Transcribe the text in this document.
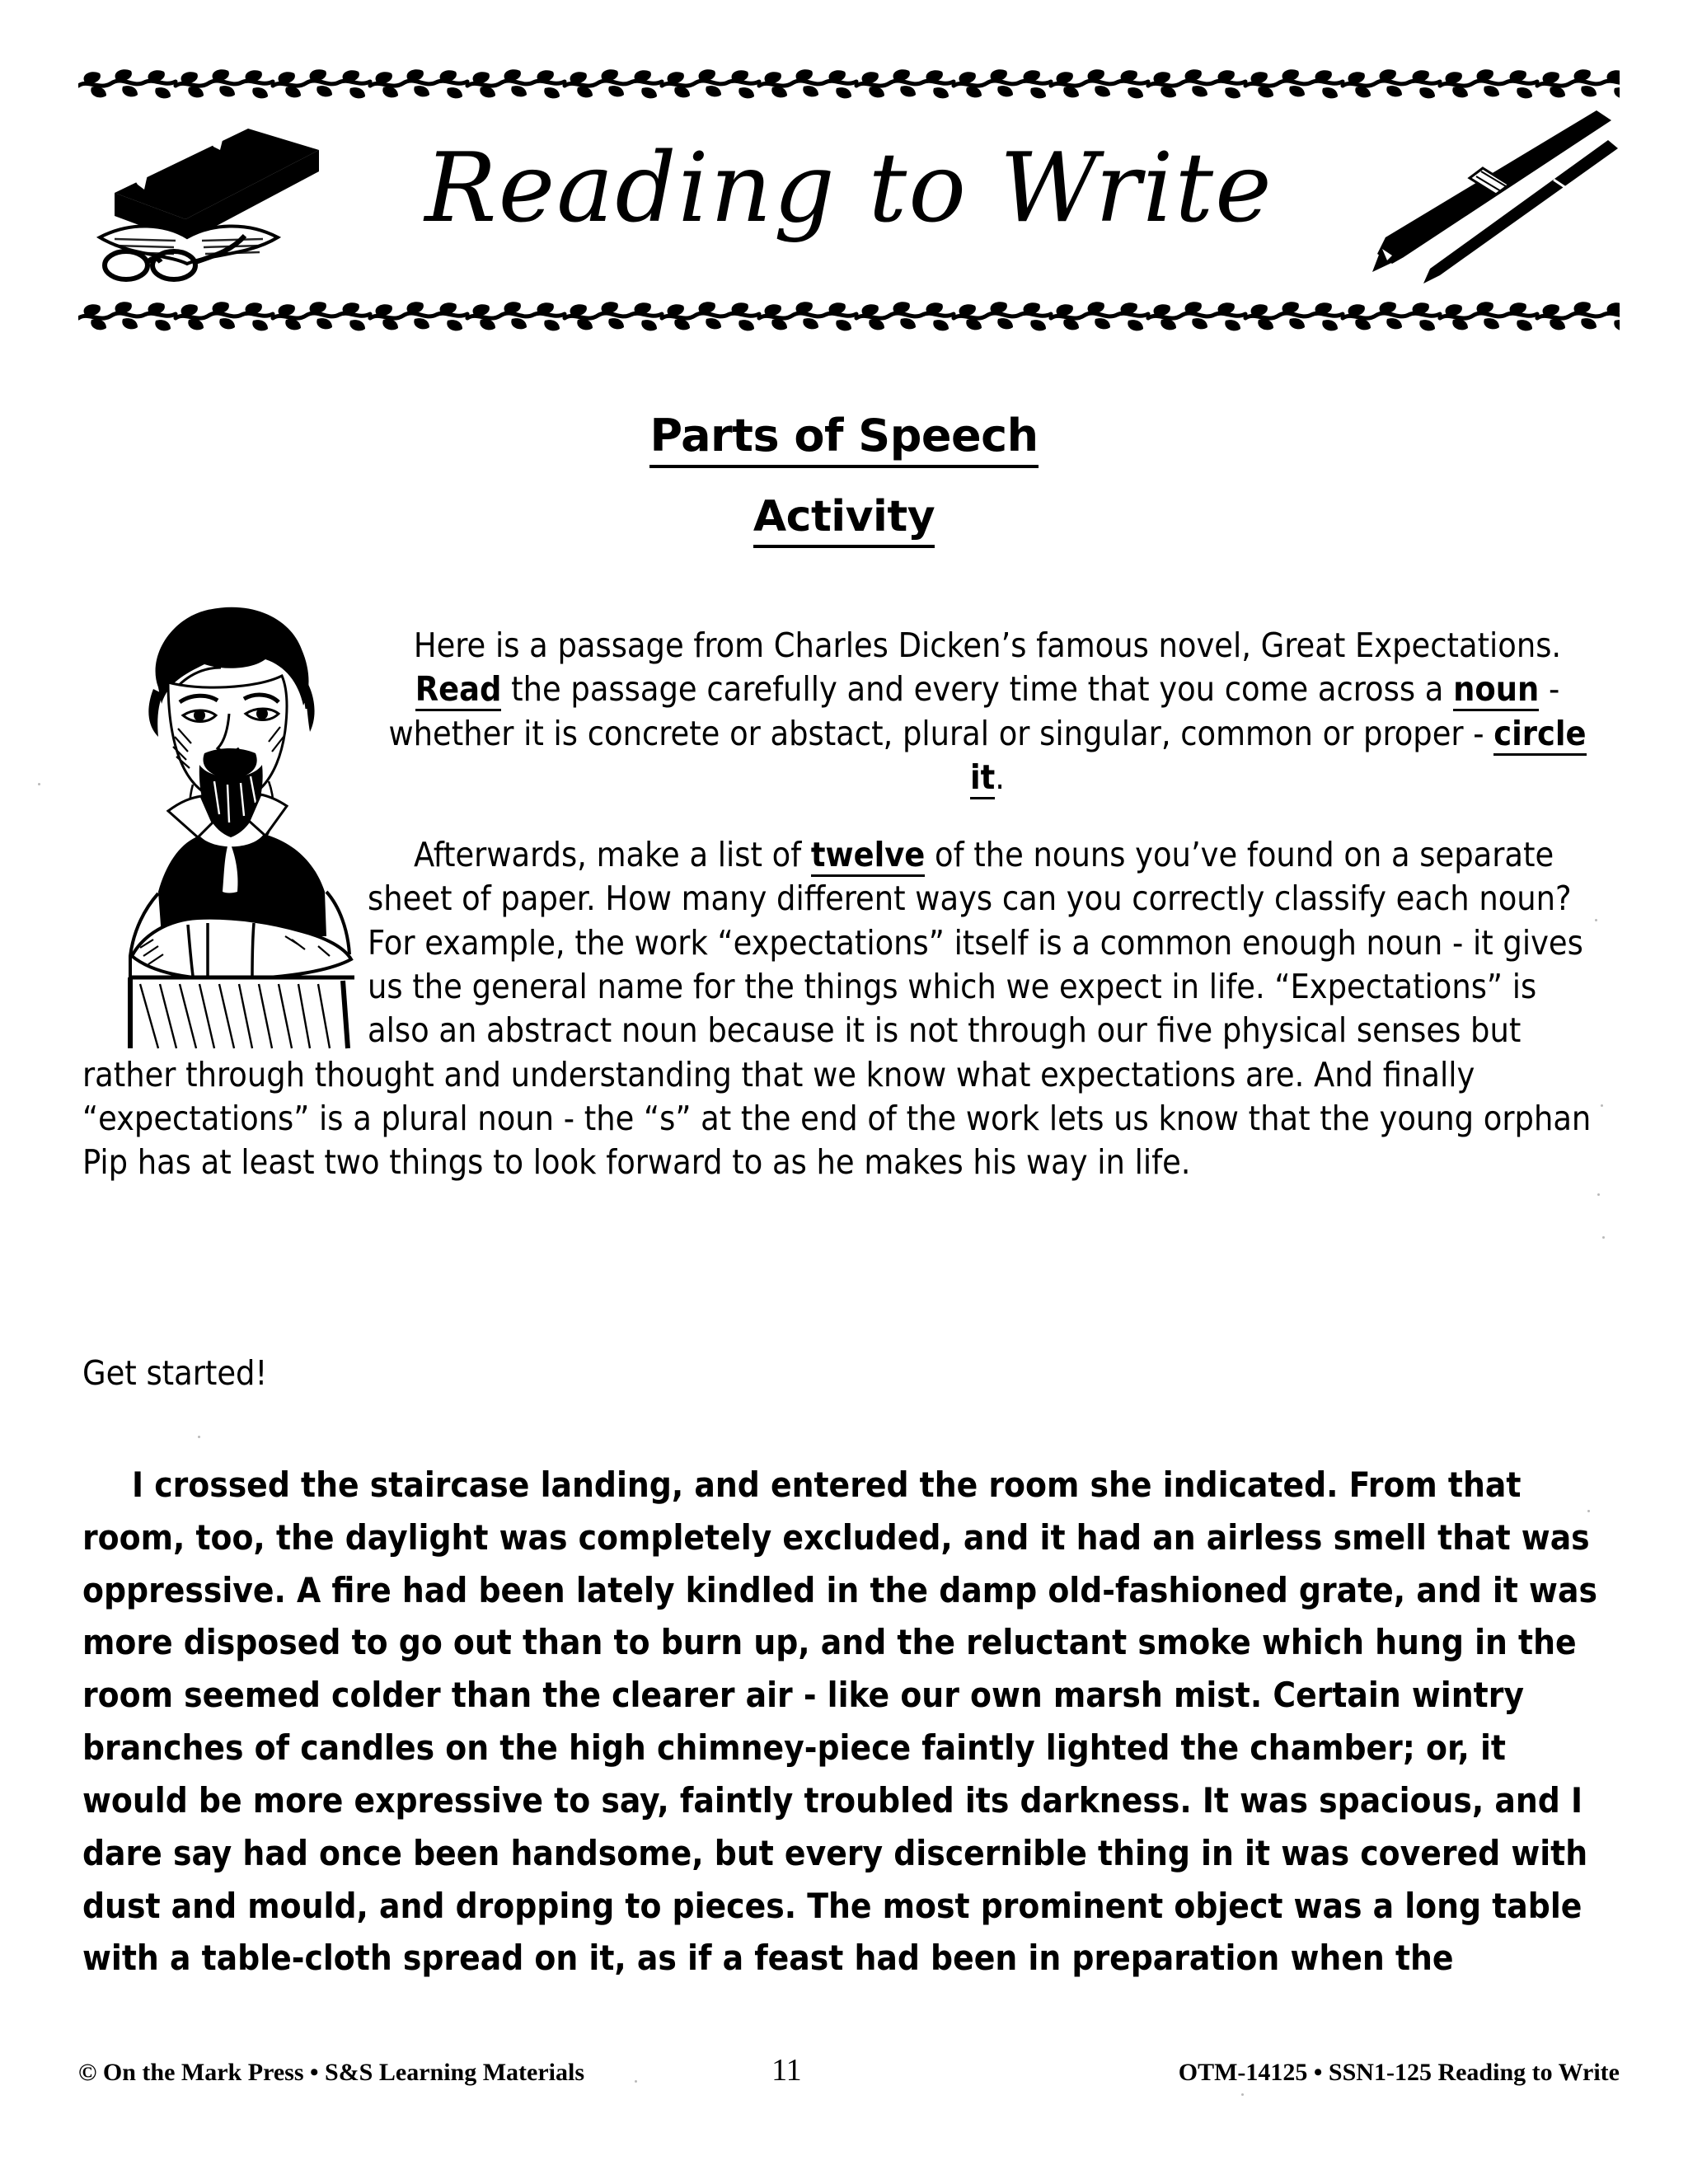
Reading to Write
Parts of Speech
Activity

Here is a passage from Charles Dicken’s famous novel, Great Expectations. Read the passage carefully and every time that you come across a noun - whether it is concrete or abstact, plural or singular, common or proper - circle it.

Afterwards, make a list of twelve of the nouns you’ve found on a separate sheet of paper. How many different ways can you correctly classify each noun? For example, the work “expectations” itself is a common enough noun - it gives us the general name for the things which we expect in life. “Expectations” is also an abstract noun because it is not through our five physical senses but rather through thought and understanding that we know what expectations are. And finally “expectations” is a plural noun - the “s” at the end of the work lets us know that the young orphan Pip has at least two things to look forward to as he makes his way in life.

Get started!
I crossed the staircase landing, and entered the room she indicated. From that room, too, the daylight was completely excluded, and it had an airless smell that was oppressive. A fire had been lately kindled in the damp old-fashioned grate, and it was more disposed to go out than to burn up, and the reluctant smoke which hung in the room seemed colder than the clearer air - like our own marsh mist. Certain wintry branches of candles on the high chimney-piece faintly lighted the chamber; or, it would be more expressive to say, faintly troubled its darkness. It was spacious, and I dare say had once been handsome, but every discernible thing in it was covered with dust and mould, and dropping to pieces. The most prominent object was a long table with a table-cloth spread on it, as if a feast had been in preparation when the
© On the Mark Press • S&S Learning Materials	11	OTM-14125 • SSN1-125 Reading to Write
